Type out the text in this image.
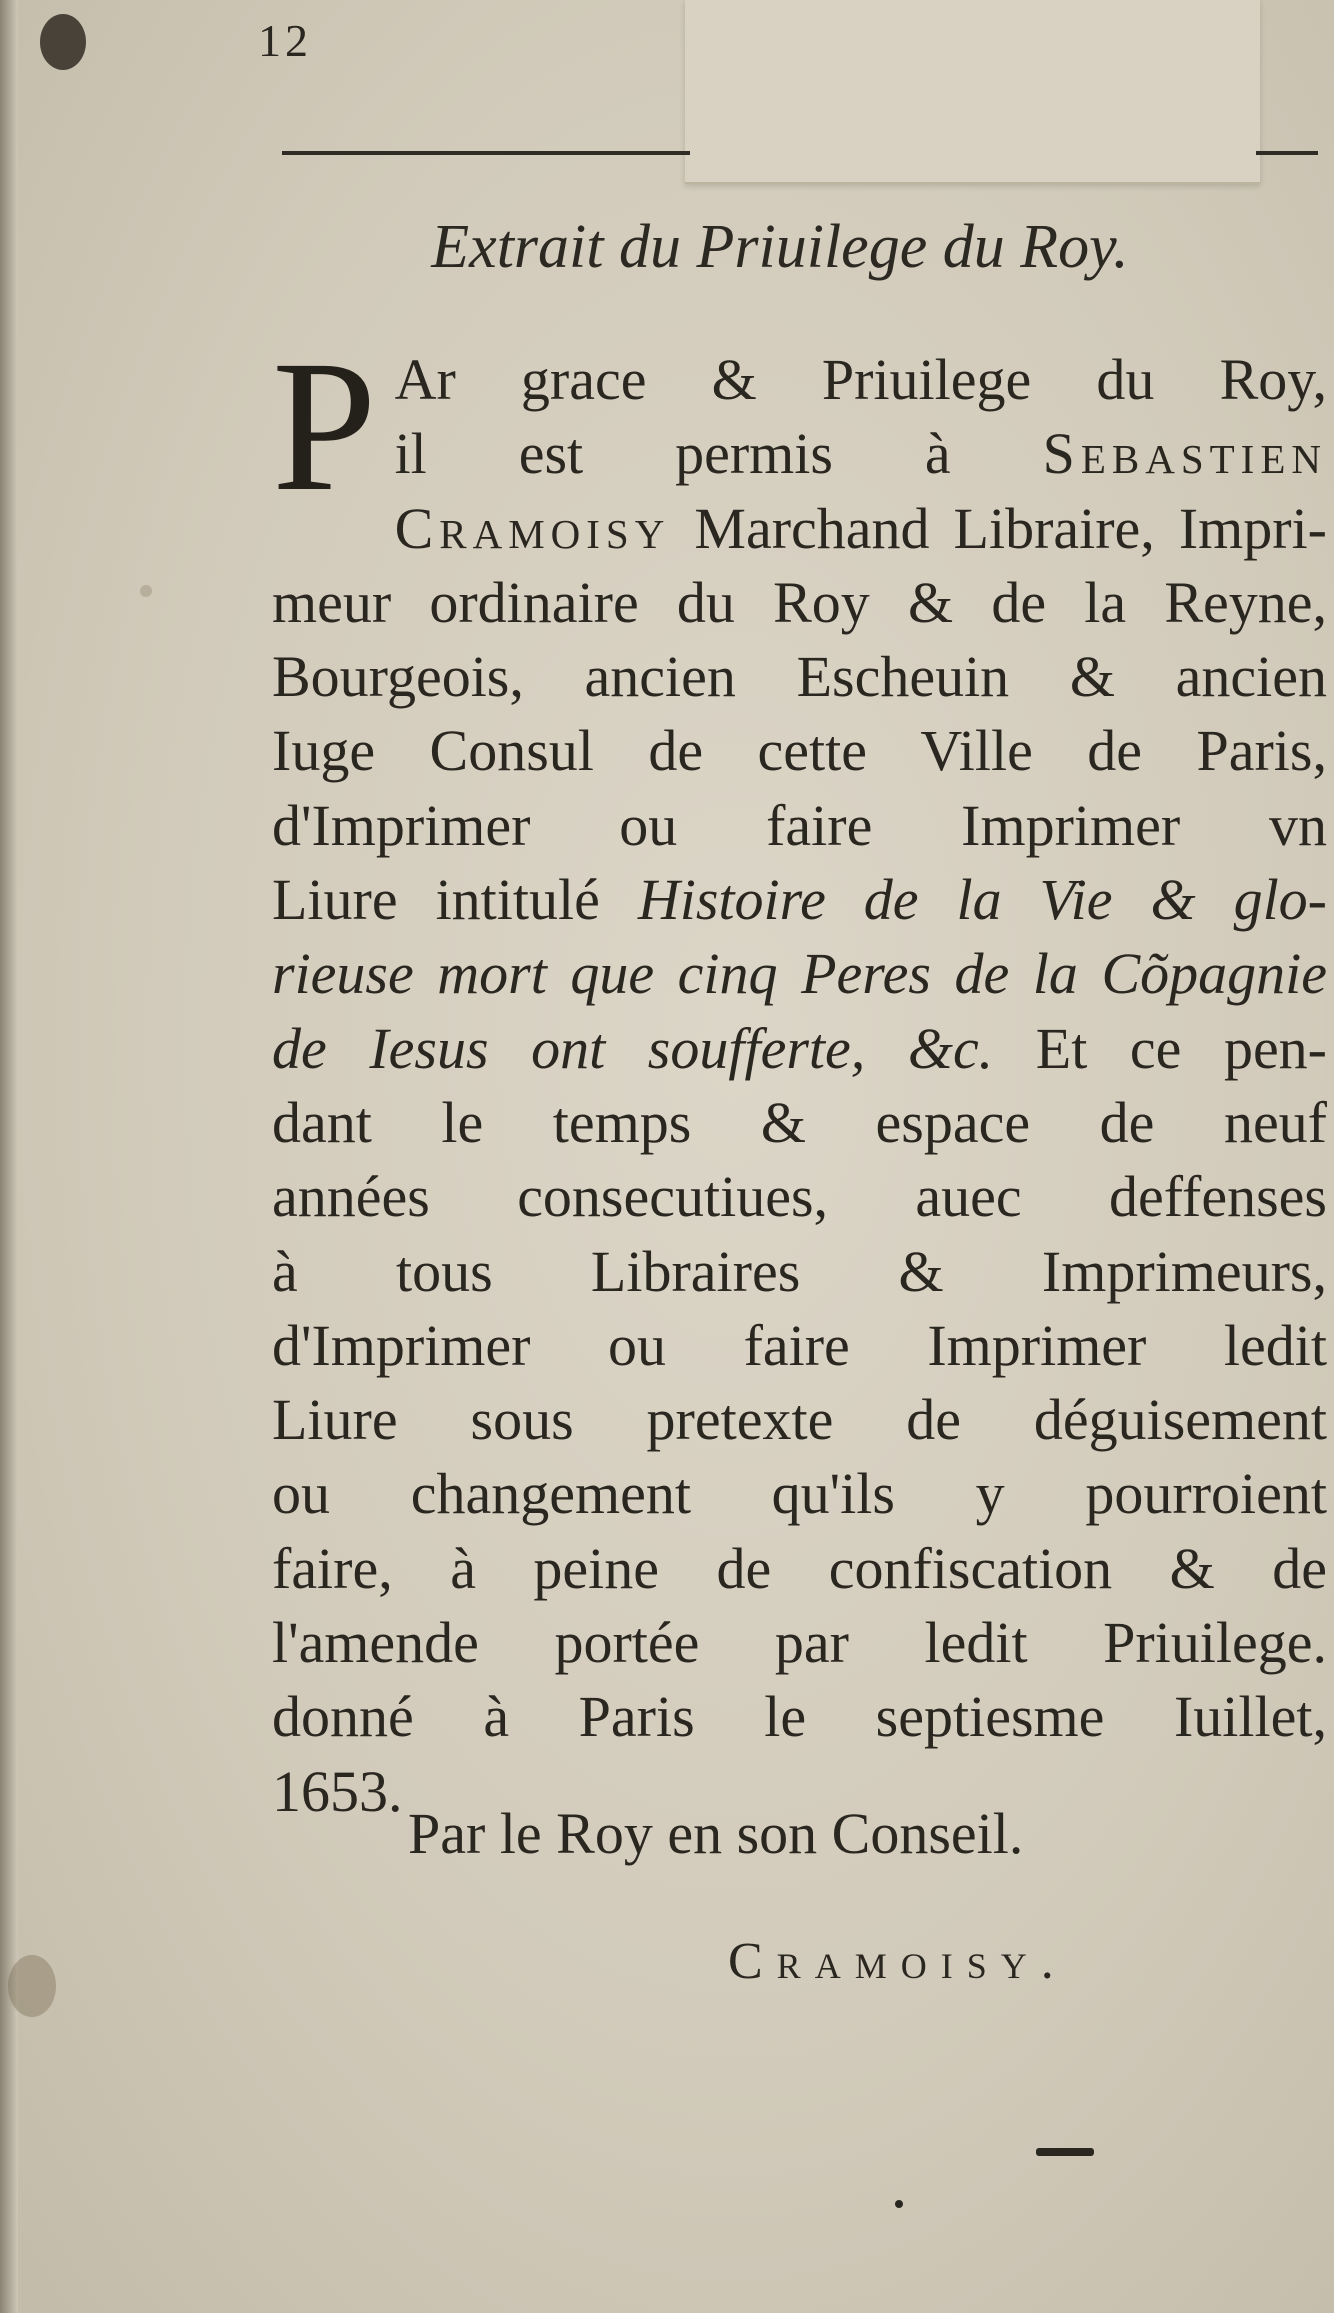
12
Extrait du Priuilege du Roy.
P Ar grace & Priuilege du Roy,
il est permis à Sebastien
Cramoisy Marchand Libraire, Impri-
meur ordinaire du Roy & de la Reyne,
Bourgeois, ancien Escheuin & ancien
Iuge Consul de cette Ville de Paris,
d'Imprimer ou faire Imprimer vn
Liure intitulé Histoire de la Vie & glo-
rieuse mort que cinq Peres de la Cõpagnie
de Iesus ont soufferte, &c. Et ce pen-
dant le temps & espace de neuf
années consecutiues, auec deffenses
à tous Libraires & Imprimeurs,
d'Imprimer ou faire Imprimer ledit
Liure sous pretexte de déguisement
ou changement qu'ils y pourroient
faire, à peine de confiscation & de
l'amende portée par ledit Priuilege.
donné à Paris le septiesme Iuillet,
1653.
Par le Roy en son Conseil.
Cramoisy.
